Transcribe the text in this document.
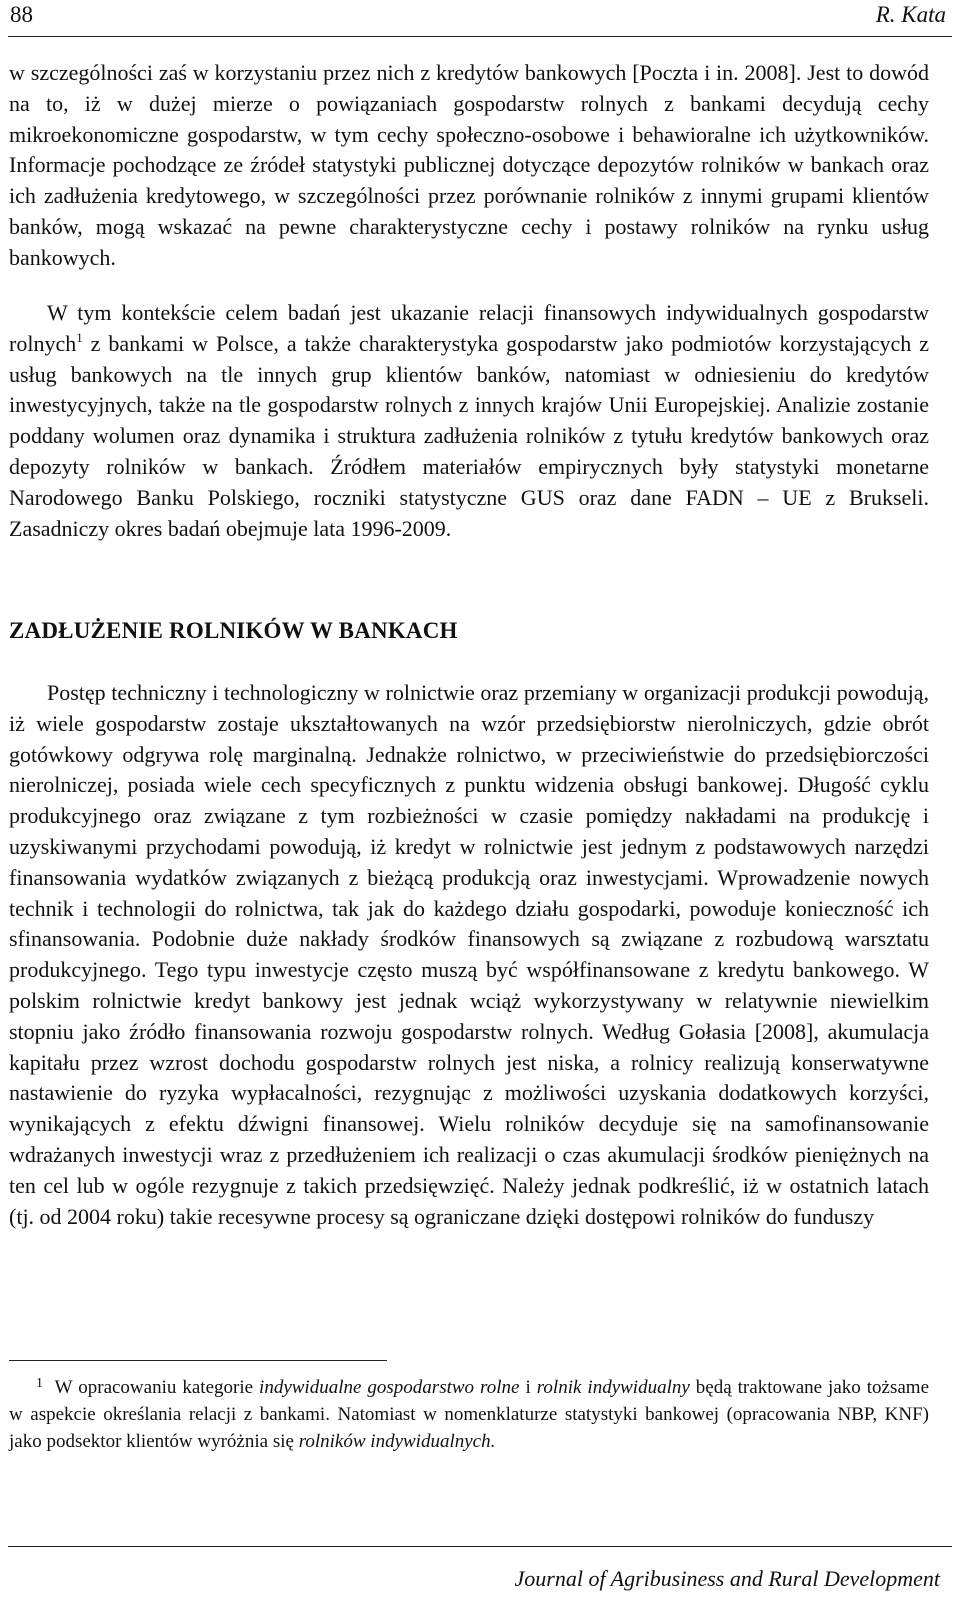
88	R. Kata
w szczególności zaś w korzystaniu przez nich z kredytów bankowych [Poczta i in. 2008]. Jest to dowód na to, iż w dużej mierze o powiązaniach gospodarstw rolnych z bankami decydują cechy mikroekonomiczne gospodarstw, w tym cechy społeczno-osobowe i behawioralne ich użytkowników. Informacje pochodzące ze źródeł statystyki publicznej dotyczące depozytów rolników w bankach oraz ich zadłużenia kredytowego, w szczególności przez porównanie rolników z innymi grupami klientów banków, mogą wskazać na pewne charakterystyczne cechy i postawy rolników na rynku usług bankowych.
W tym kontekście celem badań jest ukazanie relacji finansowych indywidualnych gospodarstw rolnych$^1$ z bankami w Polsce, a także charakterystyka gospodarstw jako podmiotów korzystających z usług bankowych na tle innych grup klientów banków, natomiast w odniesieniu do kredytów inwestycyjnych, także na tle gospodarstw rolnych z innych krajów Unii Europejskiej. Analizie zostanie poddany wolumen oraz dynamika i struktura zadłużenia rolników z tytułu kredytów bankowych oraz depozyty rolników w bankach. Źródłem materiałów empirycznych były statystyki monetarne Narodowego Banku Polskiego, roczniki statystyczne GUS oraz dane FADN – UE z Brukseli. Zasadniczy okres badań obejmuje lata 1996-2009.
ZADŁUŻENIE ROLNIKÓW W BANKACH
Postęp techniczny i technologiczny w rolnictwie oraz przemiany w organizacji produkcji powodują, iż wiele gospodarstw zostaje ukształtowanych na wzór przedsiębiorstw nierolniczych, gdzie obrót gotówkowy odgrywa rolę marginalną. Jednakże rolnictwo, w przeciwieństwie do przedsiębiorczości nierolniczej, posiada wiele cech specyficznych z punktu widzenia obsługi bankowej. Długość cyklu produkcyjnego oraz związane z tym rozbieżności w czasie pomiędzy nakładami na produkcję i uzyskiwanymi przychodami powodują, iż kredyt w rolnictwie jest jednym z podstawowych narzędzi finansowania wydatków związanych z bieżącą produkcją oraz inwestycjami. Wprowadzenie nowych technik i technologii do rolnictwa, tak jak do każdego działu gospodarki, powoduje konieczność ich sfinansowania. Podobnie duże nakłady środków finansowych są związane z rozbudową warsztatu produkcyjnego. Tego typu inwestycje często muszą być współfinansowane z kredytu bankowego. W polskim rolnictwie kredyt bankowy jest jednak wciąż wykorzystywany w relatywnie niewielkim stopniu jako źródło finansowania rozwoju gospodarstw rolnych. Według Gołasia [2008], akumulacja kapitału przez wzrost dochodu gospodarstw rolnych jest niska, a rolnicy realizują konserwatywne nastawienie do ryzyka wypłacalności, rezygnując z możliwości uzyskania dodatkowych korzyści, wynikających z efektu dźwigni finansowej. Wielu rolników decyduje się na samofinansowanie wdrażanych inwestycji wraz z przedłużeniem ich realizacji o czas akumulacji środków pieniężnych na ten cel lub w ogóle rezygnuje z takich przedsięwzięć. Należy jednak podkreślić, iż w ostatnich latach (tj. od 2004 roku) takie recesywne procesy są ograniczane dzięki dostępowi rolników do funduszy
$^1$ W opracowaniu kategorie indywidualne gospodarstwo rolne i rolnik indywidualny będą traktowane jako tożsame w aspekcie określania relacji z bankami. Natomiast w nomenklaturze statystyki bankowej (opracowania NBP, KNF) jako podsektor klientów wyróżnia się rolników indywidualnych.
Journal of Agribusiness and Rural Development
